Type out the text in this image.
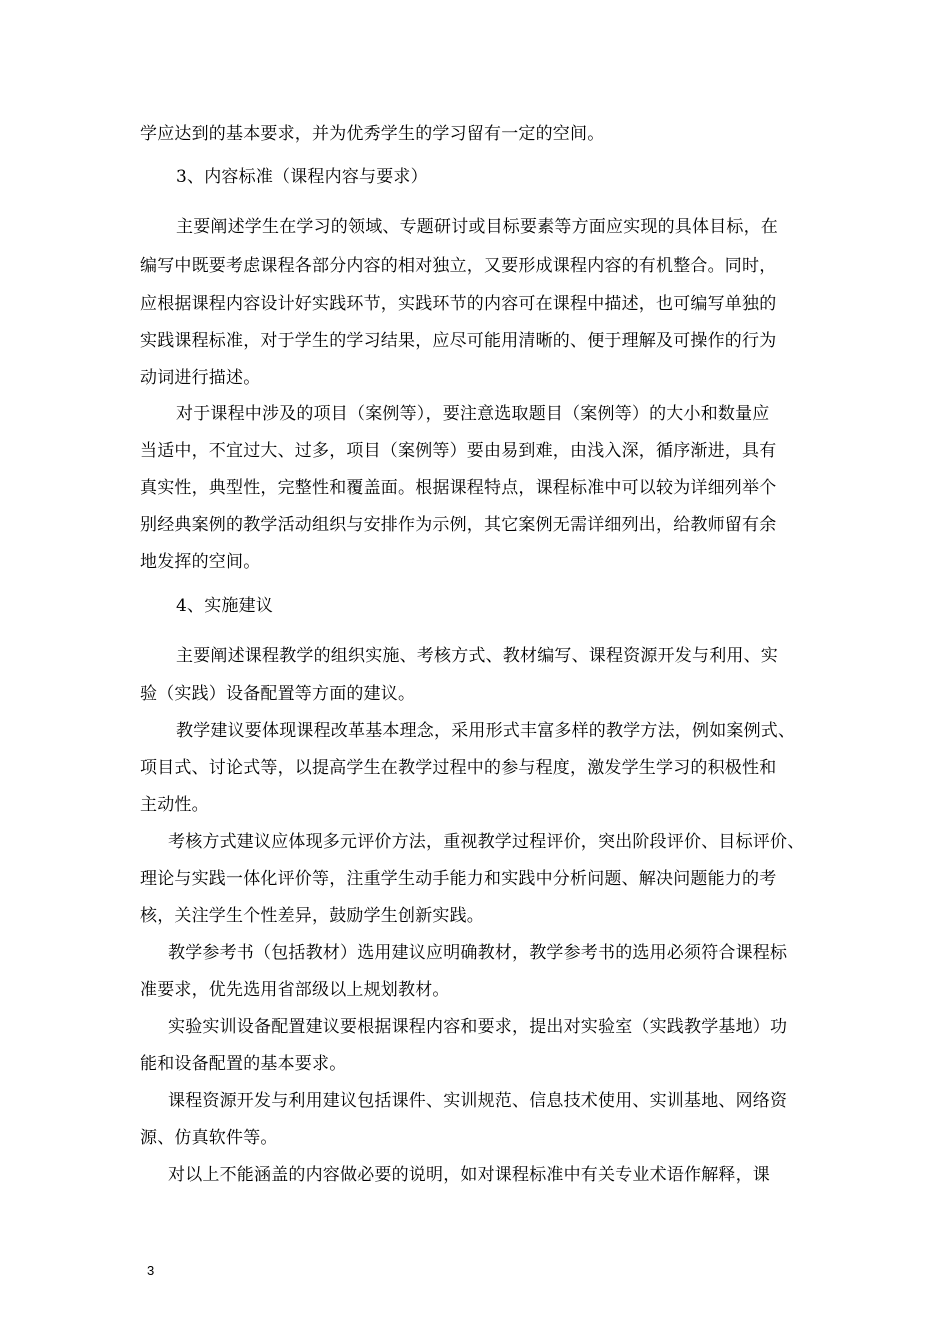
学应达到的基本要求，并为优秀学生的学习留有一定的空间。
3、内容标准（课程内容与要求）
主要阐述学生在学习的领域、专题研讨或目标要素等方面应实现的具体目标，在
编写中既要考虑课程各部分内容的相对独立，又要形成课程内容的有机整合。同时，
应根据课程内容设计好实践环节，实践环节的内容可在课程中描述，也可编写单独的
实践课程标准，对于学生的学习结果，应尽可能用清晰的、便于理解及可操作的行为
动词进行描述。
对于课程中涉及的项目（案例等），要注意选取题目（案例等）的大小和数量应
当适中，不宜过大、过多，项目（案例等）要由易到难，由浅入深，循序渐进，具有
真实性，典型性，完整性和覆盖面。根据课程特点，课程标准中可以较为详细列举个
别经典案例的教学活动组织与安排作为示例，其它案例无需详细列出，给教师留有余
地发挥的空间。
4、实施建议
主要阐述课程教学的组织实施、考核方式、教材编写、课程资源开发与利用、实
验（实践）设备配置等方面的建议。
教学建议要体现课程改革基本理念，采用形式丰富多样的教学方法，例如案例式、
项目式、讨论式等，以提高学生在教学过程中的参与程度，激发学生学习的积极性和
主动性。
考核方式建议应体现多元评价方法，重视教学过程评价，突出阶段评价、目标评价、
理论与实践一体化评价等，注重学生动手能力和实践中分析问题、解决问题能力的考
核，关注学生个性差异，鼓励学生创新实践。
教学参考书（包括教材）选用建议应明确教材，教学参考书的选用必须符合课程标
准要求，优先选用省部级以上规划教材。
实验实训设备配置建议要根据课程内容和要求，提出对实验室（实践教学基地）功
能和设备配置的基本要求。
课程资源开发与利用建议包括课件、实训规范、信息技术使用、实训基地、网络资
源、仿真软件等。
对以上不能涵盖的内容做必要的说明，如对课程标准中有关专业术语作解释，课
3
